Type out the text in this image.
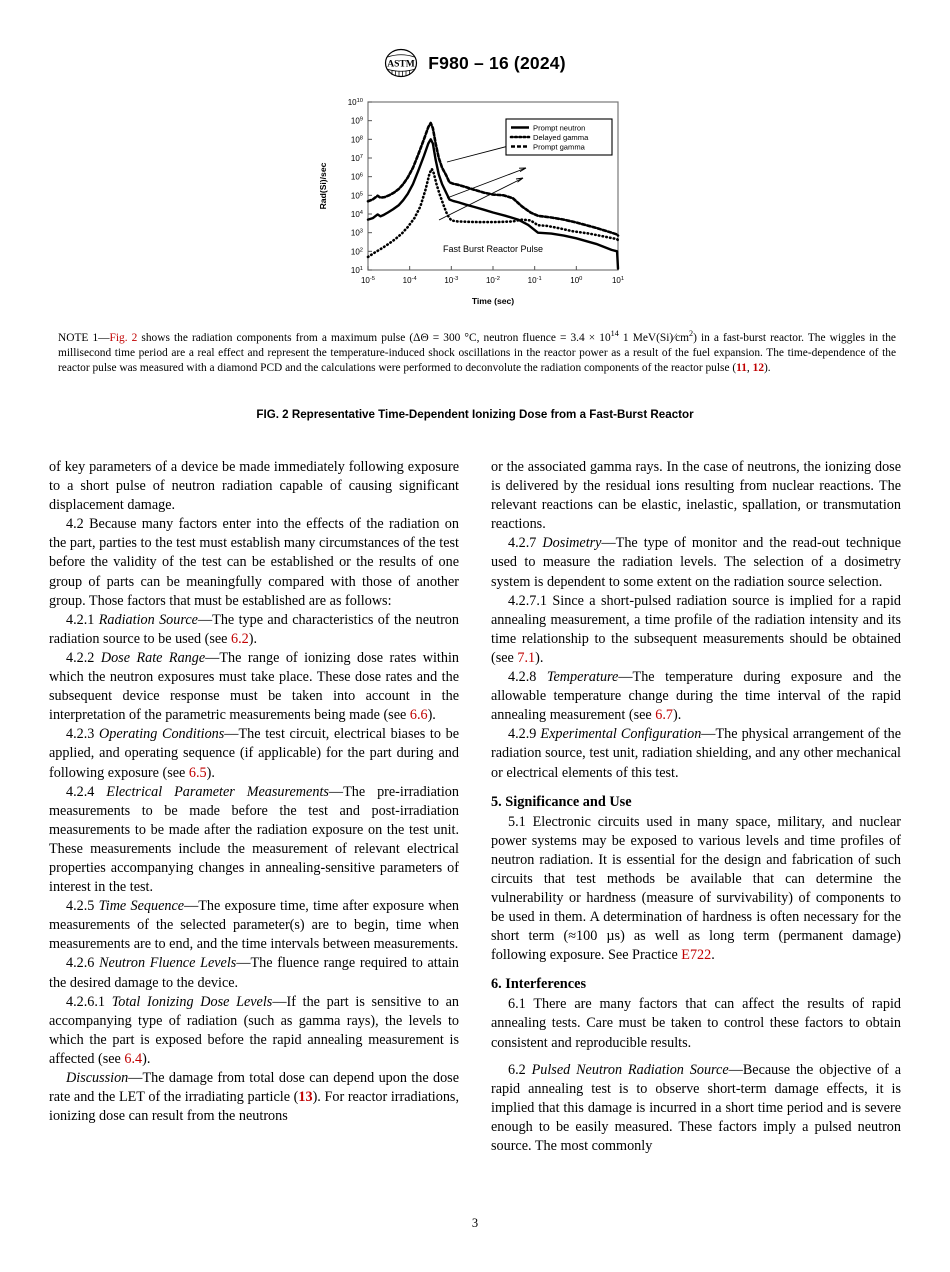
ASTM F980 – 16 (2024)
$10^1$
$10^2$
$10^3$
$10^4$
$10^5$
$10^6$
$10^7$
$10^8$
$10^9$
$10^{10}$
$10^{-5}$	$10^{-4}$	$10^{-3}$	$10^{-2}$	$10^{-1}$	$10^0$	$10^1$
Prompt neutron
Delayed gamma
Prompt gamma
Fast Burst Reactor Pulse
Rad(Si)/sec
Time (sec)
NOTE 1—Fig. 2 shows the radiation components from a maximum pulse (ΔΘ = 300 °C, neutron fluence = $3.4 \times 10^{14}$ 1 $MeV(Si)∕cm^2$) in a fast-burst reactor. The wiggles in the millisecond time period are a real effect and represent the temperature-induced shock oscillations in the reactor power as a result of the fuel expansion. The time-dependence of the reactor pulse was measured with a diamond PCD and the calculations were performed to deconvolute the radiation components of the reactor pulse (11, 12).
FIG. 2 Representative Time-Dependent Ionizing Dose from a Fast-Burst Reactor

of key parameters of a device be made immediately following exposure to a short pulse of neutron radiation capable of causing significant displacement damage.

4.2 Because many factors enter into the effects of the radiation on the part, parties to the test must establish many circumstances of the test before the validity of the test can be established or the results of one group of parts can be meaningfully compared with those of another group. Those factors that must be established are as follows:

4.2.1 Radiation Source—The type and characteristics of the neutron radiation source to be used (see 6.2).

4.2.2 Dose Rate Range—The range of ionizing dose rates within which the neutron exposures must take place. These dose rates and the subsequent device response must be taken into account in the interpretation of the parametric measurements being made (see 6.6).

4.2.3 Operating Conditions—The test circuit, electrical biases to be applied, and operating sequence (if applicable) for the part during and following exposure (see 6.5).

4.2.4 Electrical Parameter Measurements—The pre-irradiation measurements to be made before the test and post-irradiation measurements to be made after the radiation exposure on the test unit. These measurements include the measurement of relevant electrical properties accompanying changes in annealing-sensitive parameters of interest in the test.

4.2.5 Time Sequence—The exposure time, time after exposure when measurements of the selected parameter(s) are to begin, time when measurements are to end, and the time intervals between measurements.

4.2.6 Neutron Fluence Levels—The fluence range required to attain the desired damage to the device.

4.2.6.1 Total Ionizing Dose Levels—If the part is sensitive to an accompanying type of radiation (such as gamma rays), the levels to which the part is exposed before the rapid annealing measurement is affected (see 6.4).

Discussion—The damage from total dose can depend upon the dose rate and the LET of the irradiating particle (13). For reactor irradiations, ionizing dose can result from the neutrons

or the associated gamma rays. In the case of neutrons, the ionizing dose is delivered by the residual ions resulting from nuclear reactions. The relevant reactions can be elastic, inelastic, spallation, or transmutation reactions.

4.2.7 Dosimetry—The type of monitor and the read-out technique used to measure the radiation levels. The selection of a dosimetry system is dependent to some extent on the radiation source selection.

4.2.7.1 Since a short-pulsed radiation source is implied for a rapid annealing measurement, a time profile of the radiation intensity and its time relationship to the subsequent measurements should be obtained (see 7.1).

4.2.8 Temperature—The temperature during exposure and the allowable temperature change during the time interval of the rapid annealing measurement (see 6.7).

4.2.9 Experimental Configuration—The physical arrangement of the radiation source, test unit, radiation shielding, and any other mechanical or electrical elements of this test.

5. Significance and Use

5.1 Electronic circuits used in many space, military, and nuclear power systems may be exposed to various levels and time profiles of neutron radiation. It is essential for the design and fabrication of such circuits that test methods be available that can determine the vulnerability or hardness (measure of survivability) of components to be used in them. A determination of hardness is often necessary for the short term (≈100 µs) as well as long term (permanent damage) following exposure. See Practice E722.

6. Interferences

6.1 There are many factors that can affect the results of rapid annealing tests. Care must be taken to control these factors to obtain consistent and reproducible results.

6.2 Pulsed Neutron Radiation Source—Because the objective of a rapid annealing test is to observe short-term damage effects, it is implied that this damage is incurred in a short time period and is severe enough to be easily measured. These factors imply a pulsed neutron source. The most commonly

3
